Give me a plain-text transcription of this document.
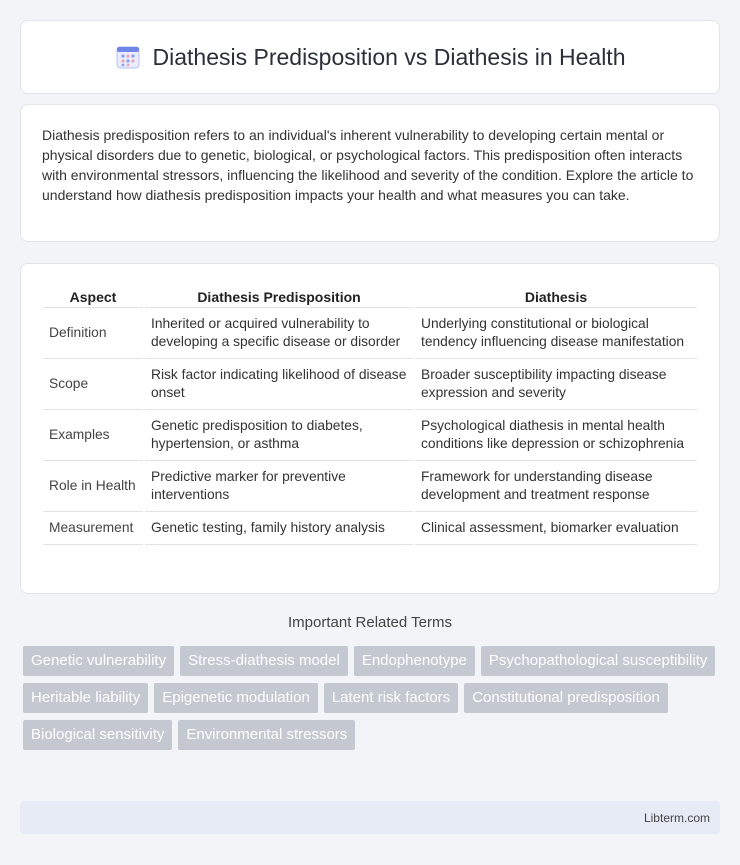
Diathesis Predisposition vs Diathesis in Health

Diathesis predisposition refers to an individual's inherent vulnerability to developing certain mental or physical disorders due to genetic, biological, or psychological factors. This predisposition often interacts with environmental stressors, influencing the likelihood and severity of the condition. Explore the article to understand how diathesis predisposition impacts your health and what measures you can take.

Aspect	Diathesis Predisposition	Diathesis
Definition	Inherited or acquired vulnerability to developing a specific disease or disorder	Underlying constitutional or biological tendency influencing disease manifestation
Scope	Risk factor indicating likelihood of disease onset	Broader susceptibility impacting disease expression and severity
Examples	Genetic predisposition to diabetes, hypertension, or asthma	Psychological diathesis in mental health conditions like depression or schizophrenia
Role in Health	Predictive marker for preventive interventions	Framework for understanding disease development and treatment response
Measurement	Genetic testing, family history analysis	Clinical assessment, biomarker evaluation
Important Related Terms
Genetic vulnerability	Stress-diathesis model	Endophenotype	Psychopathological susceptibility
Heritable liability	Epigenetic modulation	Latent risk factors	Constitutional predisposition
Biological sensitivity	Environmental stressors
Libterm.com
